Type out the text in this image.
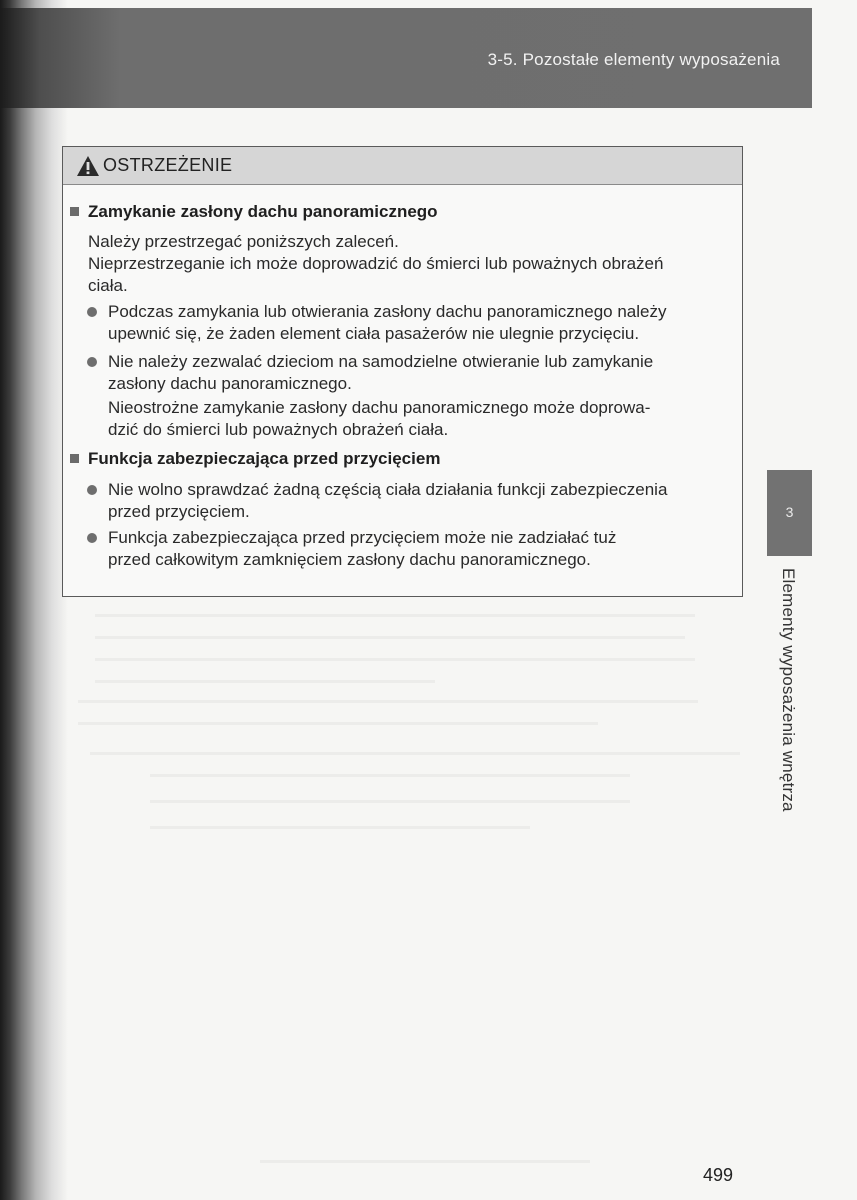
3-5. Pozostałe elementy wyposażenia
OSTRZEŻENIE
Zamykanie zasłony dachu panoramicznego
Należy przestrzegać poniższych zaleceń.
Nieprzestrzeganie ich może doprowadzić do śmierci lub poważnych obrażeń
ciała.
Podczas zamykania lub otwierania zasłony dachu panoramicznego należy
upewnić się, że żaden element ciała pasażerów nie ulegnie przycięciu.
Nie należy zezwalać dzieciom na samodzielne otwieranie lub zamykanie
zasłony dachu panoramicznego.
Nieostrożne zamykanie zasłony dachu panoramicznego może doprowa-
dzić do śmierci lub poważnych obrażeń ciała.
Funkcja zabezpieczająca przed przycięciem
Nie wolno sprawdzać żadną częścią ciała działania funkcji zabezpieczenia
przed przycięciem.
Funkcja zabezpieczająca przed przycięciem może nie zadziałać tuż
przed całkowitym zamknięciem zasłony dachu panoramicznego.
3
Elementy wyposażenia wnętrza
499
